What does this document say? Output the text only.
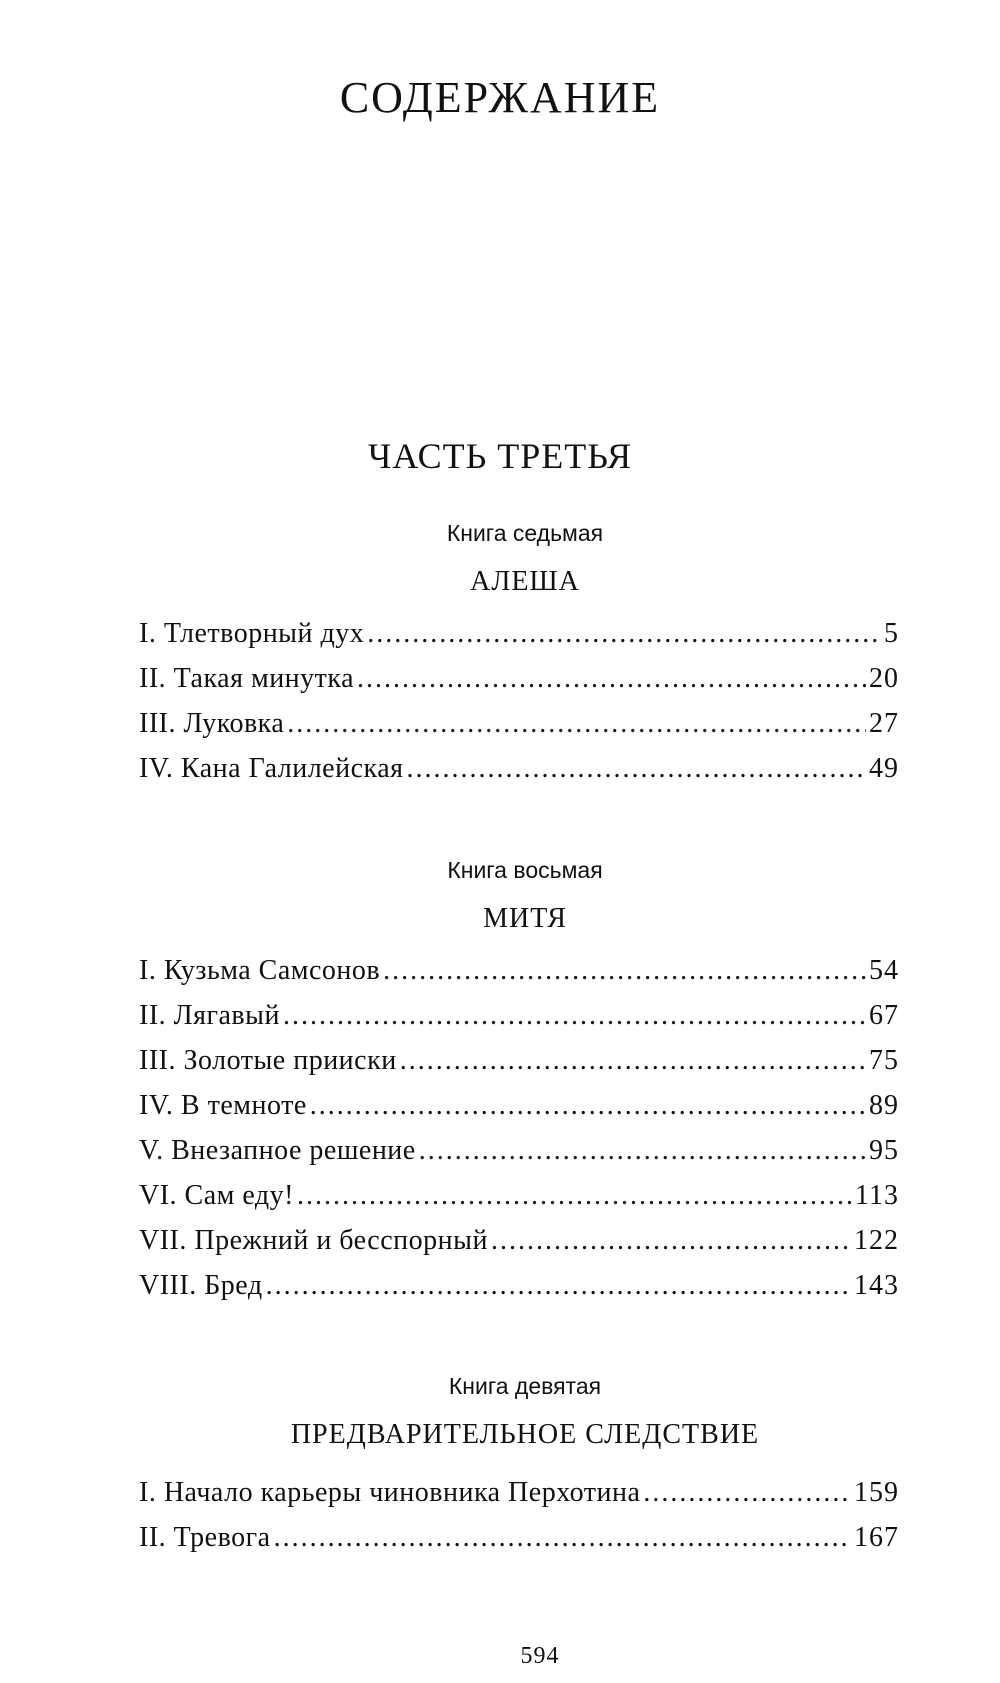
СОДЕРЖАНИЕ
ЧАСТЬ ТРЕТЬЯ
Книга седьмая
АЛЕША
I. Тлетворный дух .....	5
II. Такая минутка .....	20
III. Луковка .....	27
IV. Кана Галилейская .....	49
Книга восьмая
МИТЯ
I. Кузьма Самсонов .....	54
II. Лягавый .....	67
III. Золотые прииски .....	75
IV. В темноте .....	89
V. Внезапное решение .....	95
VI. Сам еду! .....	113
VII. Прежний и бесспорный .....	122
VIII. Бред .....	143
Книга девятая
ПРЕДВАРИТЕЛЬНОЕ СЛЕДСТВИЕ
I. Начало карьеры чиновника Перхотина .....	159
II. Тревога .....	167
594
